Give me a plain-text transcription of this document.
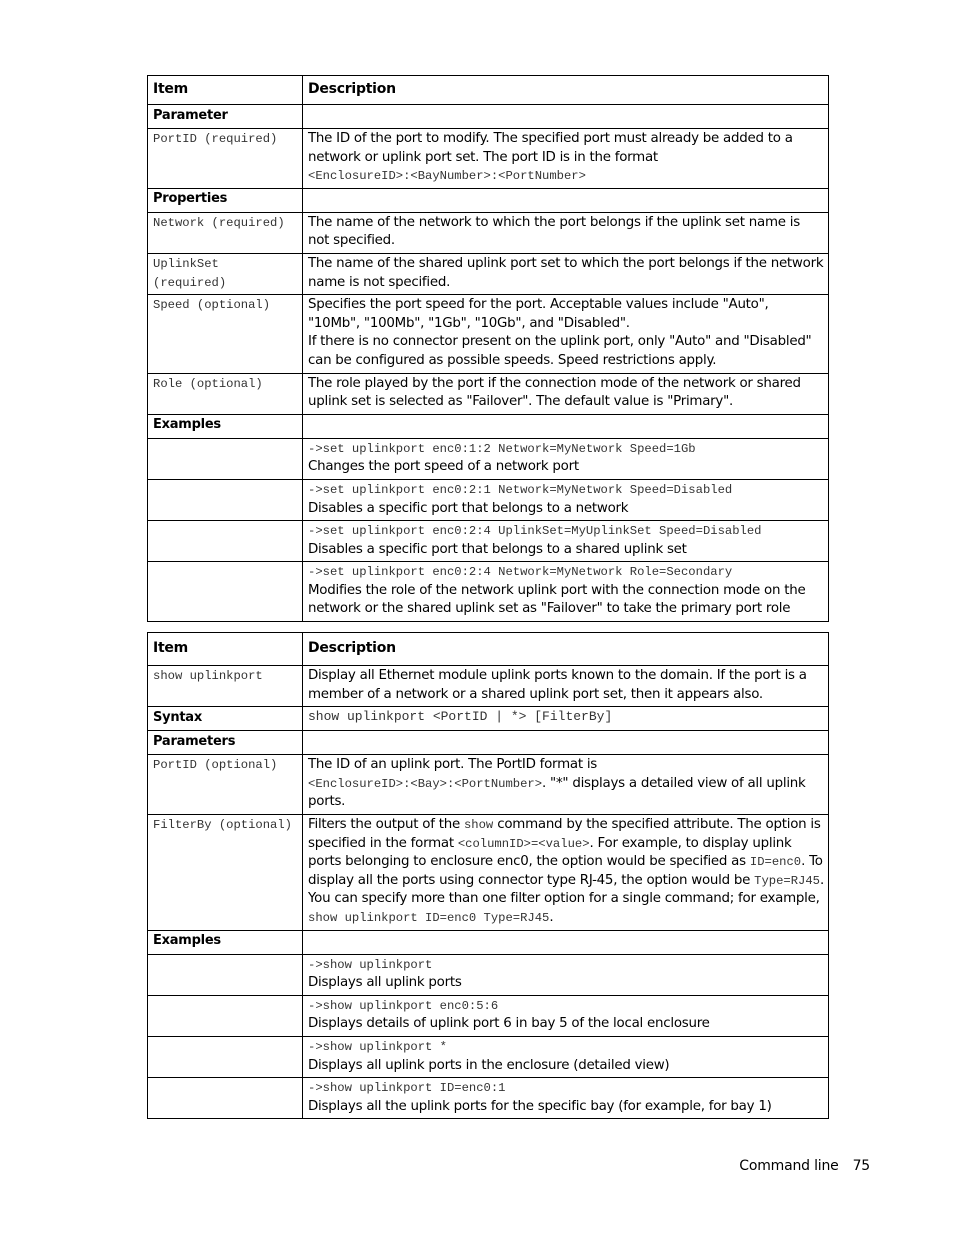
Item	Description
Parameter	
PortID (required)	The ID of the port to modify. The specified port must already be added to a network or uplink port set. The port ID is in the format
<EnclosureID>:<BayNumber>:<PortNumber>

Properties	
Network (required)	The name of the network to which the port belongs if the uplink set name is not specified.
UplinkSet (required)	The name of the shared uplink port set to which the port belongs if the network name is not specified.
Speed (optional)	Specifies the port speed for the port. Acceptable values include "Auto", "10Mb", "100Mb", "1Gb", "10Gb", and "Disabled".
If there is no connector present on the uplink port, only "Auto" and "Disabled" can be configured as possible speeds. Speed restrictions apply.

Role (optional)	The role played by the port if the connection mode of the network or shared uplink set is selected as "Failover". The default value is "Primary".
Examples	

	->set uplinkport enc0:1:2 Network=MyNetwork Speed=1Gb
Changes the port speed of a network port

	->set uplinkport enc0:2:1 Network=MyNetwork Speed=Disabled
Disables a specific port that belongs to a network

	->set uplinkport enc0:2:4 UplinkSet=MyUplinkSet Speed=Disabled
Disables a specific port that belongs to a shared uplink set

	->set uplinkport enc0:2:4 Network=MyNetwork Role=Secondary
Modifies the role of the network uplink port with the connection mode on the network or the shared uplink set as "Failover" to take the primary port role
Item	Description
show uplinkport	Display all Ethernet module uplink ports known to the domain. If the port is a member of a network or a shared uplink port set, then it appears also.
Syntax	show uplinkport <PortID | *> [FilterBy]
Parameters	
PortID (optional)	The ID of an uplink port. The PortID format is
<EnclosureID>:<Bay>:<PortNumber>. "*" displays a detailed view of all uplink ports.
FilterBy (optional)	Filters the output of the show command by the specified attribute. The option is specified in the format <columnID>=<value>. For example, to display uplink ports belonging to enclosure enc0, the option would be specified as ID=enc0. To display all the ports using connector type RJ-45, the option would be Type=RJ45. You can specify more than one filter option for a single command; for example, show uplinkport ID=enc0 Type=RJ45.
Examples	

	->show uplinkport
Displays all uplink ports

	->show uplinkport enc0:5:6
Displays details of uplink port 6 in bay 5 of the local enclosure

	->show uplinkport *
Displays all uplink ports in the enclosure (detailed view)

	->show uplinkport ID=enc0:1
Displays all the uplink ports for the specific bay (for example, for bay 1)
Command line 75
